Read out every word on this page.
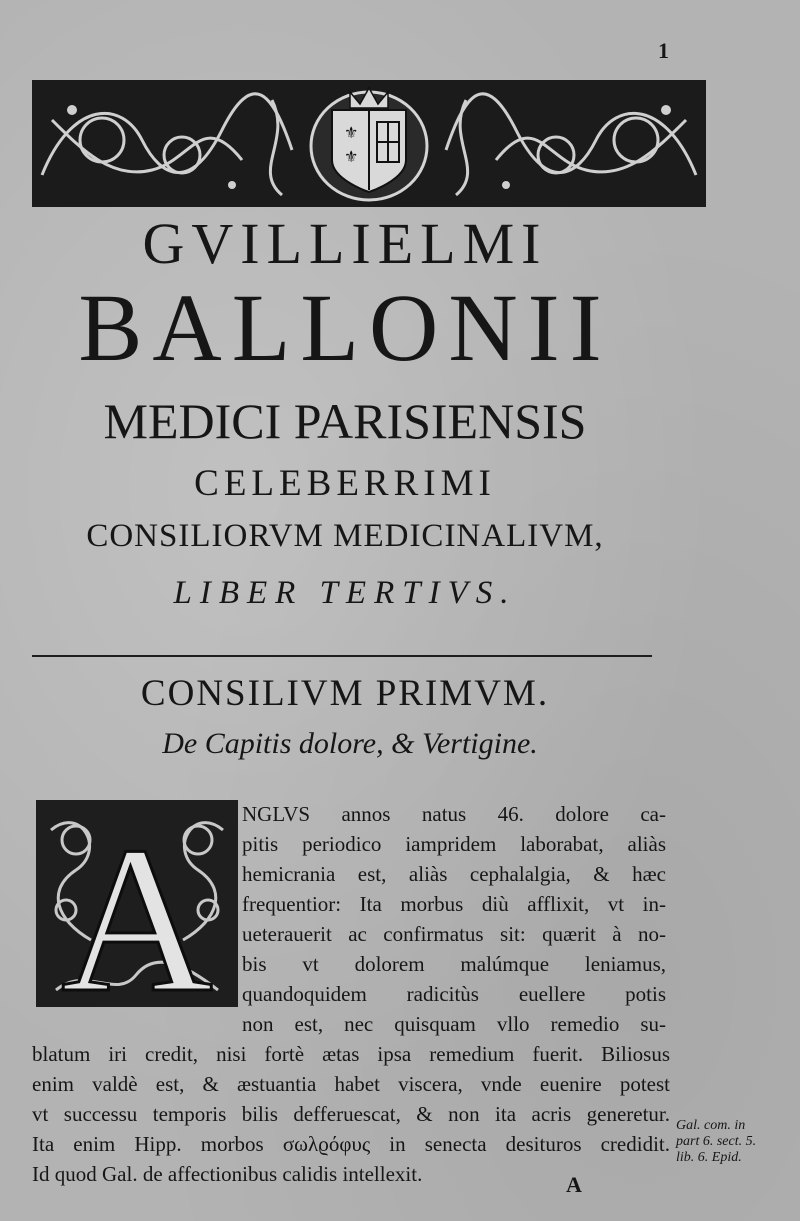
1
⚜
⚜
GVILLIELMI
BALLONII
MEDICI PARISIENSIS
CELEBERRIMI
CONSILIORVM MEDICINALIVM,
LIBER TERTIVS.
CONSILIVM PRIMVM.
De Capitis dolore, & Vertigine.
A NGLVS annos natus 46. dolore ca-
pitis periodico iampridem laborabat, aliàs
hemicrania est, aliàs cephalalgia, & hæc
frequentior: Ita morbus diù afflixit, vt in-
ueterauerit ac confirmatus sit: quærit à no-
bis vt dolorem malúmque leniamus,
quandoquidem radicitùs euellere potis
non est, nec quisquam vllo remedio su-
blatum iri credit, nisi fortè ætas ipsa remedium fuerit. Biliosus
enim valdè est, & æstuantia habet viscera, vnde euenire potest
vt successu temporis bilis defferuescat, & non ita acris generetur.
Ita enim Hipp. morbos σωλϱόφυς in senecta desituros credidit.
Id quod Gal. de affectionibus calidis intellexit.
Gal. com. in
part 6. sect. 5.
lib. 6. Epid.
A
